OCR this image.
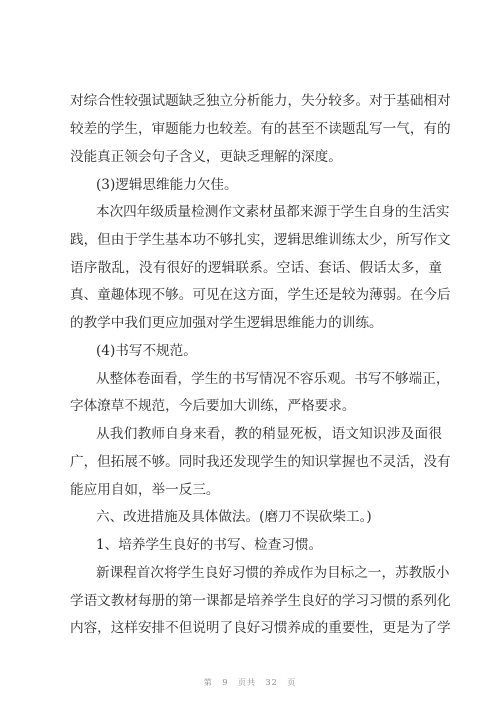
对综合性较强试题缺乏独立分析能力，失分较多。对于基础相对
较差的学生，审题能力也较差。有的甚至不读题乱写一气，有的
没能真正领会句子含义，更缺乏理解的深度。
(3)逻辑思维能力欠佳。
本次四年级质量检测作文素材虽都来源于学生自身的生活实
践，但由于学生基本功不够扎实，逻辑思维训练太少，所写作文
语序散乱，没有很好的逻辑联系。空话、套话、假话太多，童
真、童趣体现不够。可见在这方面，学生还是较为薄弱。在今后
的教学中我们更应加强对学生逻辑思维能力的训练。
(4)书写不规范。
从整体卷面看，学生的书写情况不容乐观。书写不够端正，
字体潦草不规范，今后要加大训练，严格要求。
从我们教师自身来看，教的稍显死板，语文知识涉及面很
广，但拓展不够。同时我还发现学生的知识掌握也不灵活，没有
能应用自如，举一反三。
六、改进措施及具体做法。(磨刀不误砍柴工。)
1、培养学生良好的书写、检查习惯。
新课程首次将学生良好习惯的养成作为目标之一，苏教版小
学语文教材每册的第一课都是培养学生良好的学习习惯的系列化
内容，这样安排不但说明了良好习惯养成的重要性，更是为了学
第 9 页共 32 页
